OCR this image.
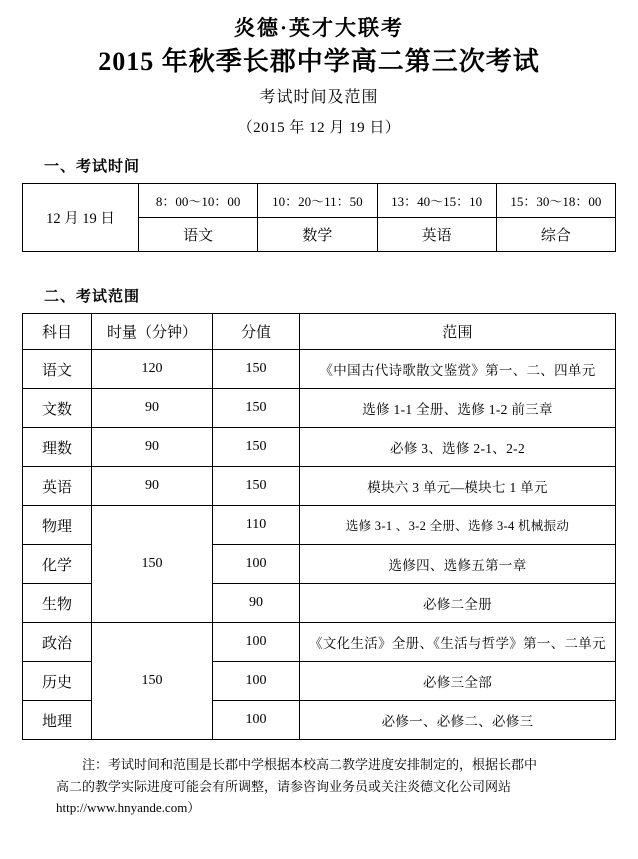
炎德·英才大联考
2015 年秋季长郡中学高二第三次考试
考试时间及范围
（2015 年 12 月 19 日）
一、考试时间
12 月 19 日	8：00～10：00	10：20～11：50	13：40～15：10	15：30～18：00
	语文	数学	英语	综合
二、考试范围
科目	时量（分钟）	分值	范围
语文	120	150	《中国古代诗歌散文鉴赏》第一、二、四单元
文数	90	150	选修 1-1 全册、选修 1-2 前三章
理数	90	150	必修 3、选修 2-1、2-2
英语	90	150	模块六 3 单元—模块七 1 单元
物理	150	110	选修 3-1 、3-2 全册、选修 3-4 机械振动
化学		100	选修四、选修五第一章
生物		90	必修二全册
政治	150	100	《文化生活》全册、《生活与哲学》第一、二单元
历史		100	必修三全部
地理		100	必修一、必修二、必修三
注：考试时间和范围是长郡中学根据本校高二教学进度安排制定的，根据长郡中
高二的教学实际进度可能会有所调整，请参咨询业务员或关注炎德文化公司网站
http://www.hnyande.com）
